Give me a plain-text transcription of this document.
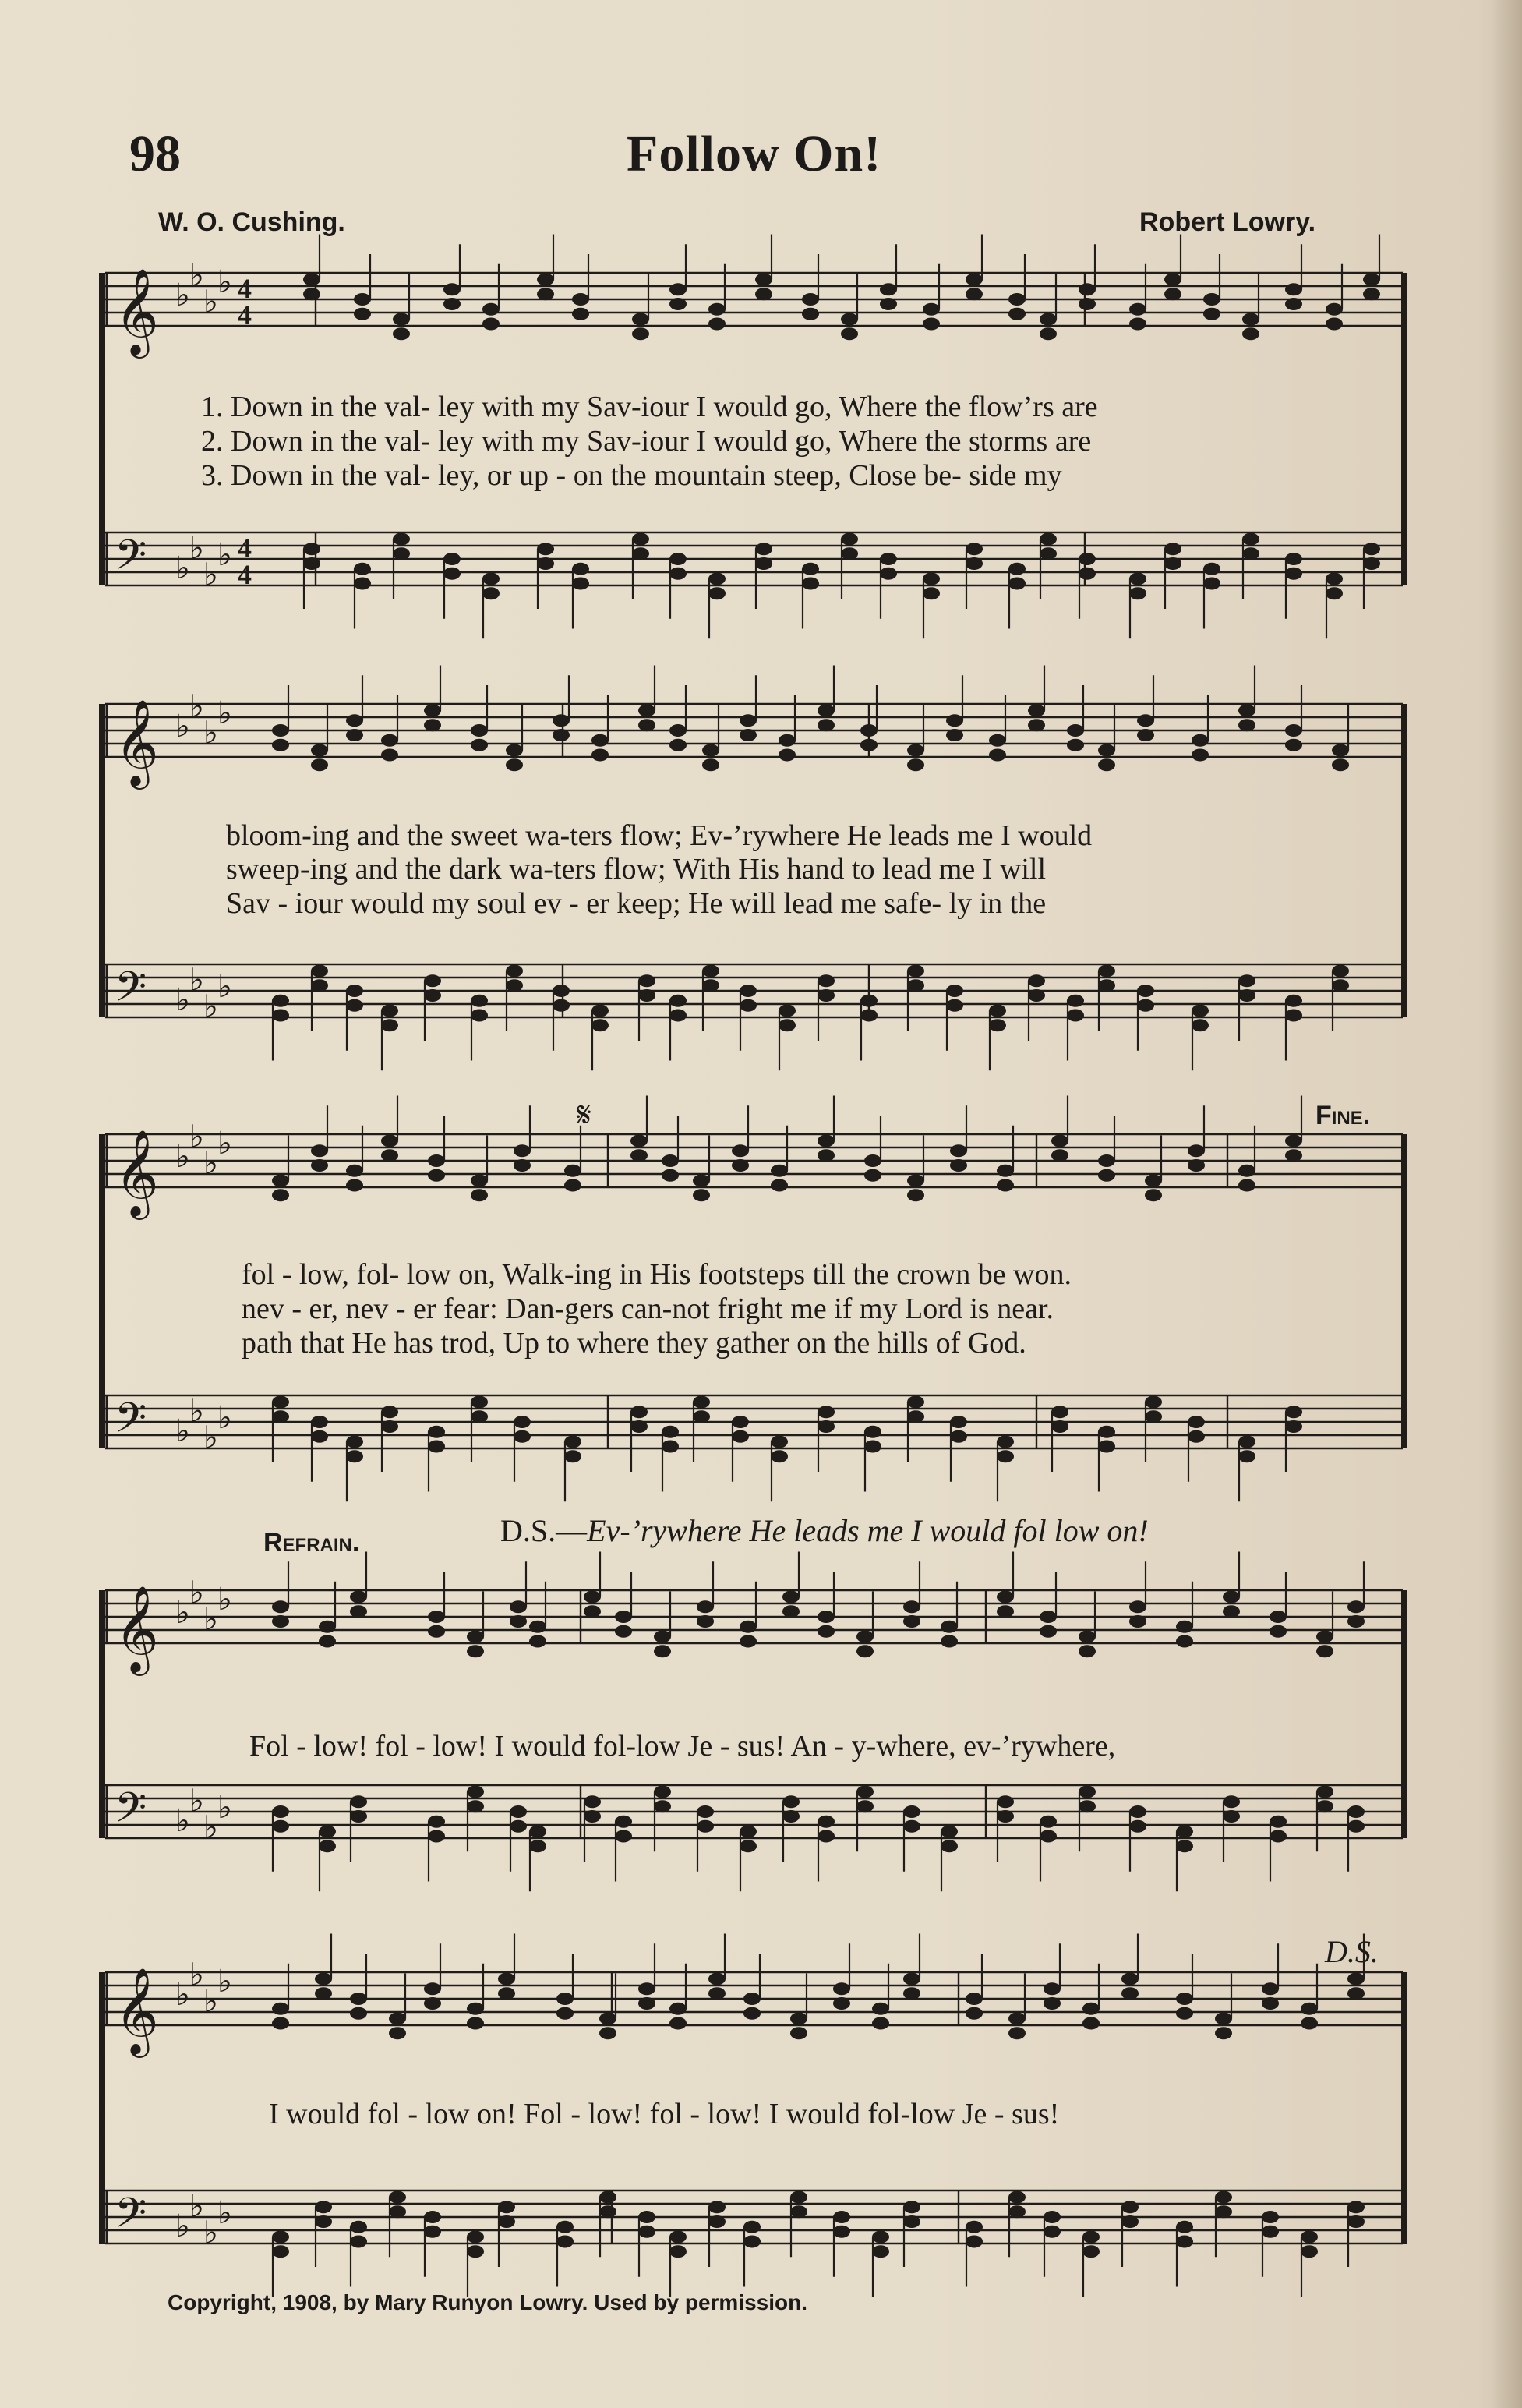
98	Follow On!
W. O. Cushing.	Robert Lowry.
𝄞 ♭
♭
♭
♭ 4
4
𝄢 ♭
♭
♭
♭ 4
4
𝄞 ♭
♭
♭
♭
𝄢 ♭
♭
♭
♭
𝄞 ♭
♭
♭
♭
𝄢 ♭
♭
♭
♭
𝄞 ♭
♭
♭
♭
𝄢 ♭
♭
♭
♭
𝄞 ♭
♭
♭
♭
𝄢 ♭
♭
♭
♭
1. Down in the val- ley with my Sav-iour I would go, Where the flow’rs are
2. Down in the val- ley with my Sav-iour I would go, Where the storms are
3. Down in the val- ley, or up - on the mountain steep, Close be- side my
bloom-ing and the sweet wa-ters flow; Ev-’rywhere He leads me I would
sweep-ing and the dark wa-ters flow; With His hand to lead me I will
Sav - iour would my soul ev - er keep; He will lead me safe- ly in the
𝄋	Fine.
fol - low, fol- low on, Walk-ing in His footsteps till the crown be won.
nev - er, nev - er fear: Dan-gers can-not fright me if my Lord is near.
path that He has trod, Up to where they gather on the hills of God.
D.S.—Ev-’rywhere He leads me I would fol low on!
Refrain.
Fol - low! fol - low! I would fol-low Je - sus! An - y-where, ev-’rywhere,
D.S.
I would fol - low on! Fol - low! fol - low! I would fol-low Je - sus!
Copyright, 1908, by Mary Runyon Lowry. Used by permission.
